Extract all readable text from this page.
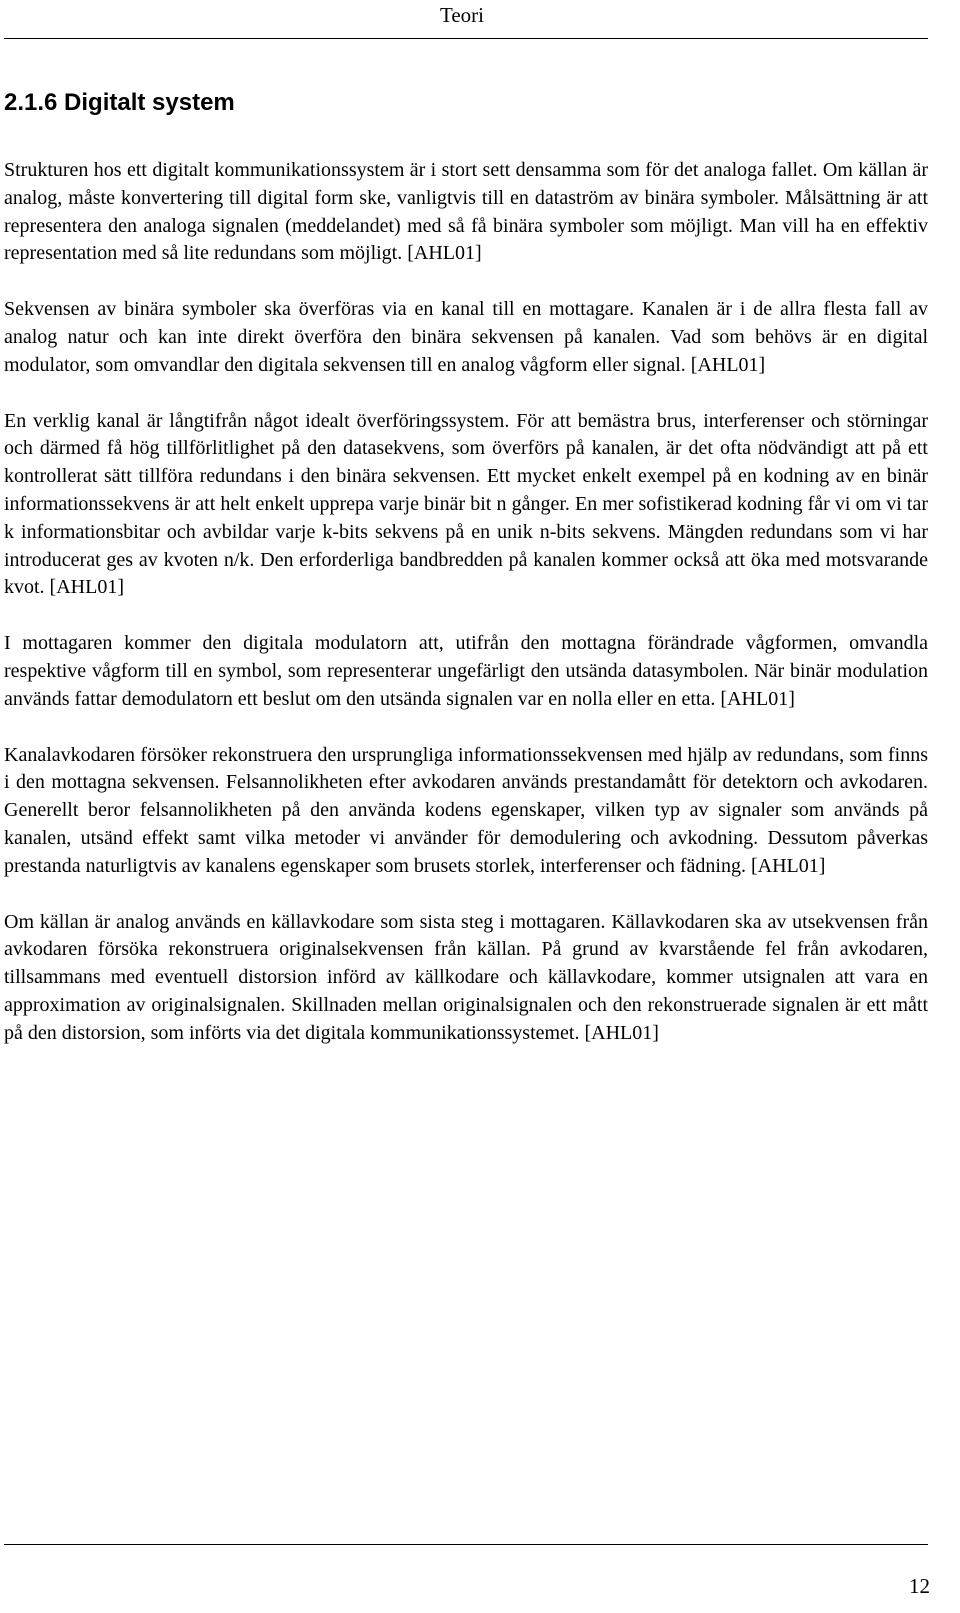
Teori
2.1.6 Digitalt system

Strukturen hos ett digitalt kommunikationssystem är i stort sett densamma som för det analoga fallet. Om källan är analog, måste konvertering till digital form ske, vanligtvis till en dataström av binära symboler. Målsättning är att representera den analoga signalen (meddelandet) med så få binära symboler som möjligt. Man vill ha en effektiv representation med så lite redundans som möjligt. [AHL01]

Sekvensen av binära symboler ska överföras via en kanal till en mottagare. Kanalen är i de allra flesta fall av analog natur och kan inte direkt överföra den binära sekvensen på kanalen. Vad som behövs är en digital modulator, som omvandlar den digitala sekvensen till en analog vågform eller signal. [AHL01]

En verklig kanal är långtifrån något idealt överföringssystem. För att bemästra brus, interferenser och störningar och därmed få hög tillförlitlighet på den datasekvens, som överförs på kanalen, är det ofta nödvändigt att på ett kontrollerat sätt tillföra redundans i den binära sekvensen. Ett mycket enkelt exempel på en kodning av en binär informationssekvens är att helt enkelt upprepa varje binär bit n gånger. En mer sofistikerad kodning får vi om vi tar k informationsbitar och avbildar varje k-bits sekvens på en unik n-bits sekvens. Mängden redundans som vi har introducerat ges av kvoten n/k. Den erforderliga bandbredden på kanalen kommer också att öka med motsvarande kvot. [AHL01]

I mottagaren kommer den digitala modulatorn att, utifrån den mottagna förändrade vågformen, omvandla respektive vågform till en symbol, som representerar ungefärligt den utsända datasymbolen. När binär modulation används fattar demodulatorn ett beslut om den utsända signalen var en nolla eller en etta. [AHL01]

Kanalavkodaren försöker rekonstruera den ursprungliga informationssekvensen med hjälp av redundans, som finns i den mottagna sekvensen. Felsannolikheten efter avkodaren används prestandamått för detektorn och avkodaren. Generellt beror felsannolikheten på den använda kodens egenskaper, vilken typ av signaler som används på kanalen, utsänd effekt samt vilka metoder vi använder för demodulering och avkodning. Dessutom påverkas prestanda naturligtvis av kanalens egenskaper som brusets storlek, interferenser och fädning. [AHL01]

Om källan är analog används en källavkodare som sista steg i mottagaren. Källavkodaren ska av utsekvensen från avkodaren försöka rekonstruera originalsekvensen från källan. På grund av kvarstående fel från avkodaren, tillsammans med eventuell distorsion införd av källkodare och källavkodare, kommer utsignalen att vara en approximation av originalsignalen. Skillnaden mellan originalsignalen och den rekonstruerade signalen är ett mått på den distorsion, som införts via det digitala kommunikationssystemet. [AHL01]

12
